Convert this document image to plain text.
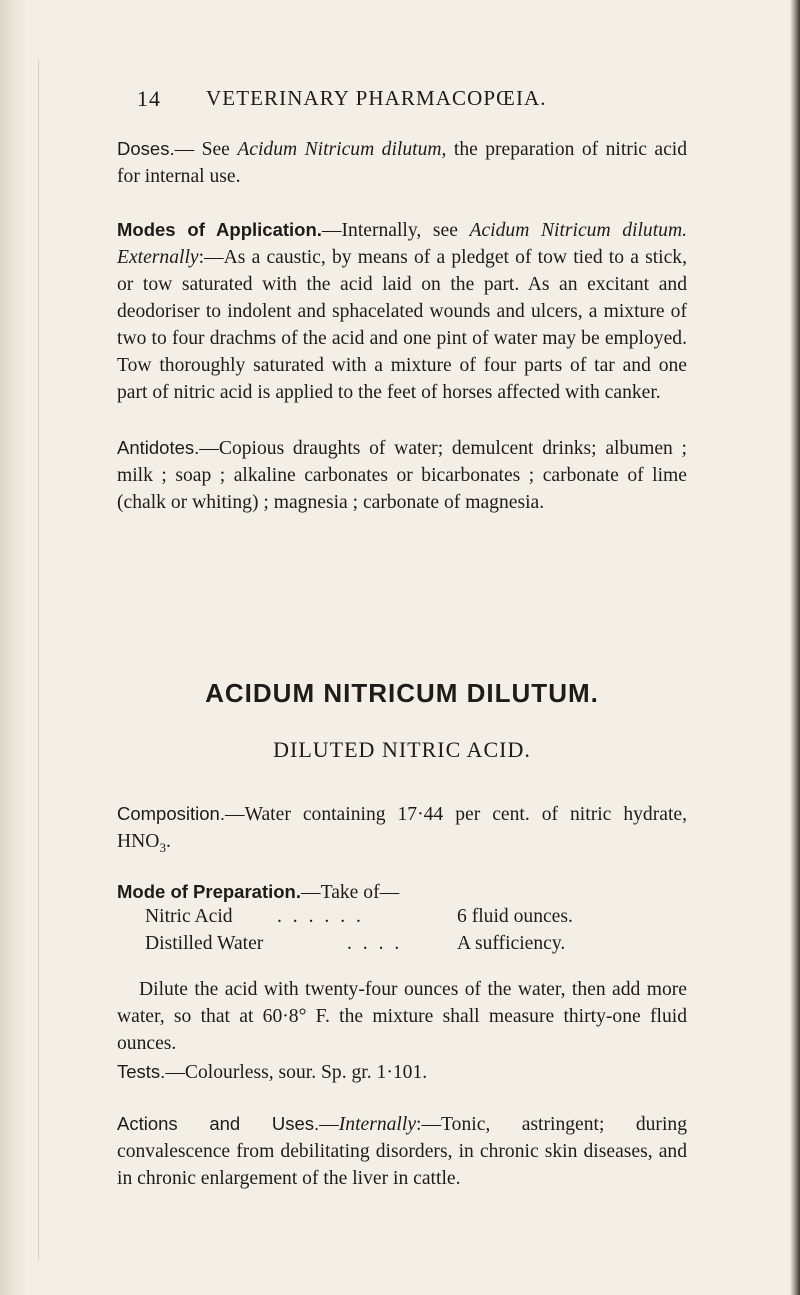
14 VETERINARY PHARMACOPŒIA.

Doses.— See Acidum Nitricum dilutum, the preparation of nitric acid for internal use.

Modes of Application.—Internally, see Acidum Nitricum dilutum. Externally:—As a caustic, by means of a pledget of tow tied to a stick, or tow saturated with the acid laid on the part. As an excitant and deodoriser to indolent and sphacelated wounds and ulcers, a mixture of two to four drachms of the acid and one pint of water may be employed. Tow thoroughly saturated with a mixture of four parts of tar and one part of nitric acid is applied to the feet of horses affected with canker.

Antidotes.—Copious draughts of water; demulcent drinks; albumen ; milk ; soap ; alkaline carbonates or bicarbonates ; carbonate of lime (chalk or whiting) ; magnesia ; carbonate of magnesia.

ACIDUM NITRICUM DILUTUM.
DILUTED NITRIC ACID.

Composition.—Water containing 17·44 per cent. of nitric hydrate, $HNO_3$.

Mode of Preparation.—Take of—

Nitric Acid . . . . . .	6 fluid ounces.
Distilled Water	. . . .	A sufficiency.

Dilute the acid with twenty-four ounces of the water, then add more water, so that at 60·8° F. the mixture shall measure thirty-one fluid ounces.

Tests.—Colourless, sour. Sp. gr. 1·101.

Actions and Uses.—Internally:—Tonic, astringent; during convalescence from debilitating disorders, in chronic skin diseases, and in chronic enlargement of the liver in cattle.
